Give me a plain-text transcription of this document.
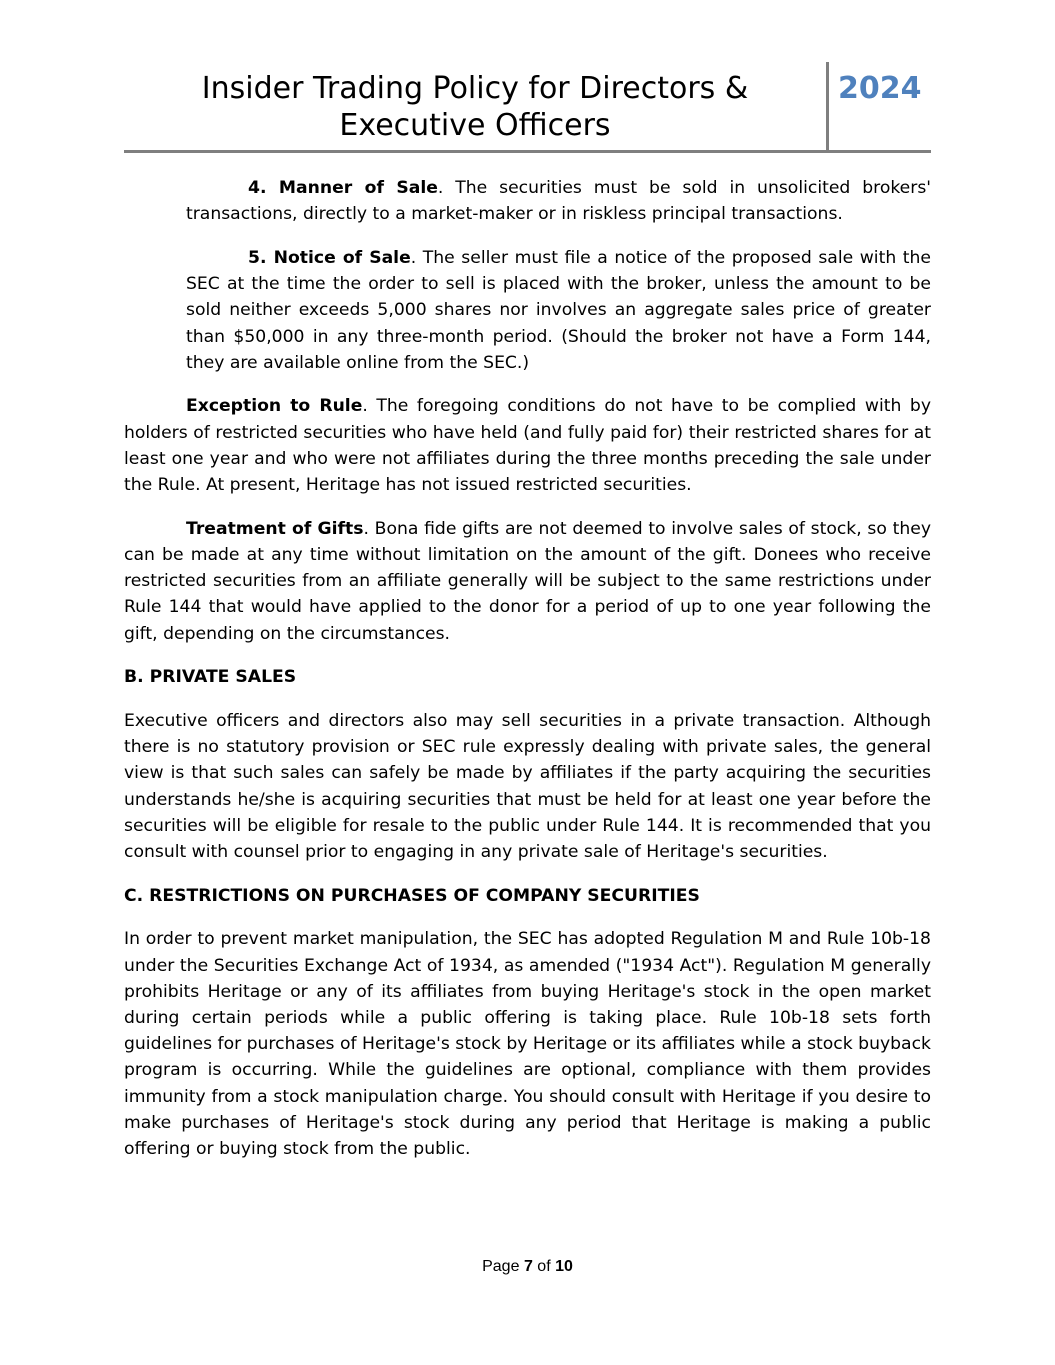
Insider Trading Policy for Directors & Executive Officers
2024

4. Manner of Sale. The securities must be sold in unsolicited brokers' transactions, directly to a market-maker or in riskless principal transactions.

5. Notice of Sale. The seller must file a notice of the proposed sale with the SEC at the time the order to sell is placed with the broker, unless the amount to be sold neither exceeds 5,000 shares nor involves an aggregate sales price of greater than $50,000 in any three-month period. (Should the broker not have a Form 144, they are available online from the SEC.)

Exception to Rule. The foregoing conditions do not have to be complied with by holders of restricted securities who have held (and fully paid for) their restricted shares for at least one year and who were not affiliates during the three months preceding the sale under the Rule. At present, Heritage has not issued restricted securities.

Treatment of Gifts. Bona fide gifts are not deemed to involve sales of stock, so they can be made at any time without limitation on the amount of the gift. Donees who receive restricted securities from an affiliate generally will be subject to the same restrictions under Rule 144 that would have applied to the donor for a period of up to one year following the gift, depending on the circumstances.

B. PRIVATE SALES

Executive officers and directors also may sell securities in a private transaction. Although there is no statutory provision or SEC rule expressly dealing with private sales, the general view is that such sales can safely be made by affiliates if the party acquiring the securities understands he/she is acquiring securities that must be held for at least one year before the securities will be eligible for resale to the public under Rule 144. It is recommended that you consult with counsel prior to engaging in any private sale of Heritage's securities.

C. RESTRICTIONS ON PURCHASES OF COMPANY SECURITIES

In order to prevent market manipulation, the SEC has adopted Regulation M and Rule 10b-18 under the Securities Exchange Act of 1934, as amended ("1934 Act"). Regulation M generally prohibits Heritage or any of its affiliates from buying Heritage's stock in the open market during certain periods while a public offering is taking place. Rule 10b-18 sets forth guidelines for purchases of Heritage's stock by Heritage or its affiliates while a stock buyback program is occurring. While the guidelines are optional, compliance with them provides immunity from a stock manipulation charge. You should consult with Heritage if you desire to make purchases of Heritage's stock during any period that Heritage is making a public offering or buying stock from the public.

Page 7 of 10
